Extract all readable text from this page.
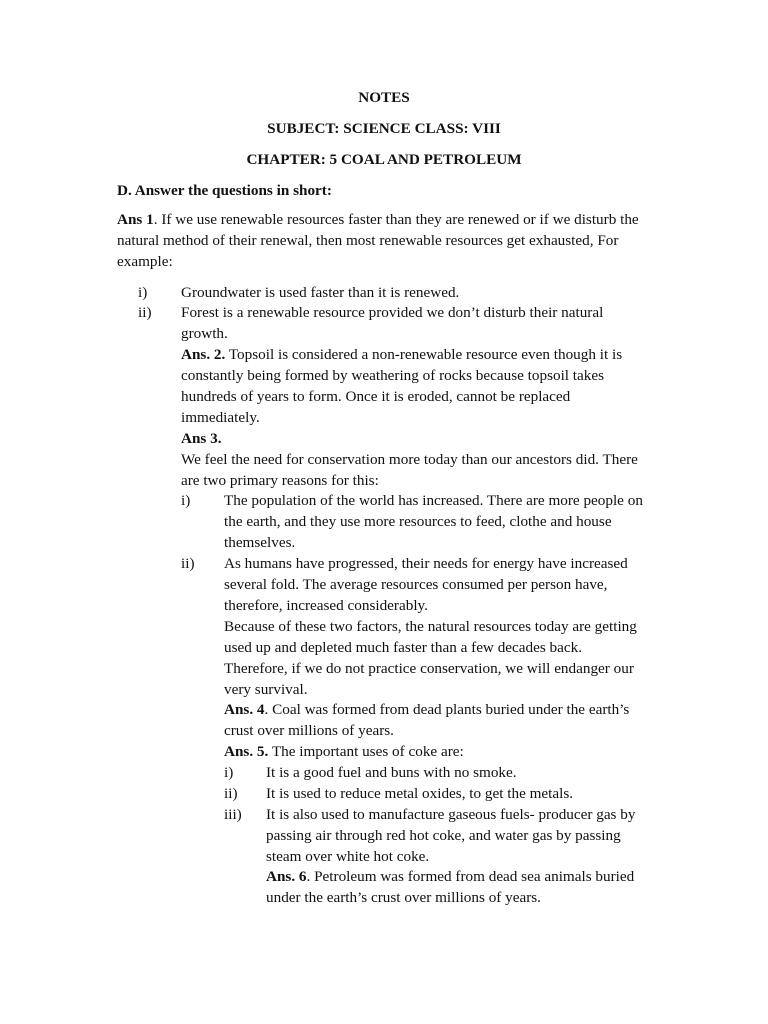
NOTES
SUBJECT: SCIENCE CLASS: VIII
CHAPTER: 5 COAL AND PETROLEUM
D. Answer the questions in short:

Ans 1. If we use renewable resources faster than they are renewed or if we disturb the natural method of their renewal, then most renewable resources get exhausted, For example:

i) Groundwater is used faster than it is renewed.
ii) Forest is a renewable resource provided we don’t disturb their natural growth.

Ans. 2. Topsoil is considered a non-renewable resource even though it is constantly being formed by weathering of rocks because topsoil takes hundreds of years to form. Once it is eroded, cannot be replaced immediately.

Ans 3.

We feel the need for conservation more today than our ancestors did. There are two primary reasons for this:

i) The population of the world has increased. There are more people on the earth, and they use more resources to feed, clothe and house themselves.
ii) As humans have progressed, their needs for energy have increased several fold. The average resources consumed per person have, therefore, increased considerably.

Because of these two factors, the natural resources today are getting used up and depleted much faster than a few decades back. Therefore, if we do not practice conservation, we will endanger our very survival.

Ans. 4. Coal was formed from dead plants buried under the earth’s crust over millions of years.

Ans. 5. The important uses of coke are:

i) It is a good fuel and buns with no smoke.
ii) It is used to reduce metal oxides, to get the metals.
iii) It is also used to manufacture gaseous fuels- producer gas by passing air through red hot coke, and water gas by passing steam over white hot coke.

Ans. 6. Petroleum was formed from dead sea animals buried under the earth’s crust over millions of years.
